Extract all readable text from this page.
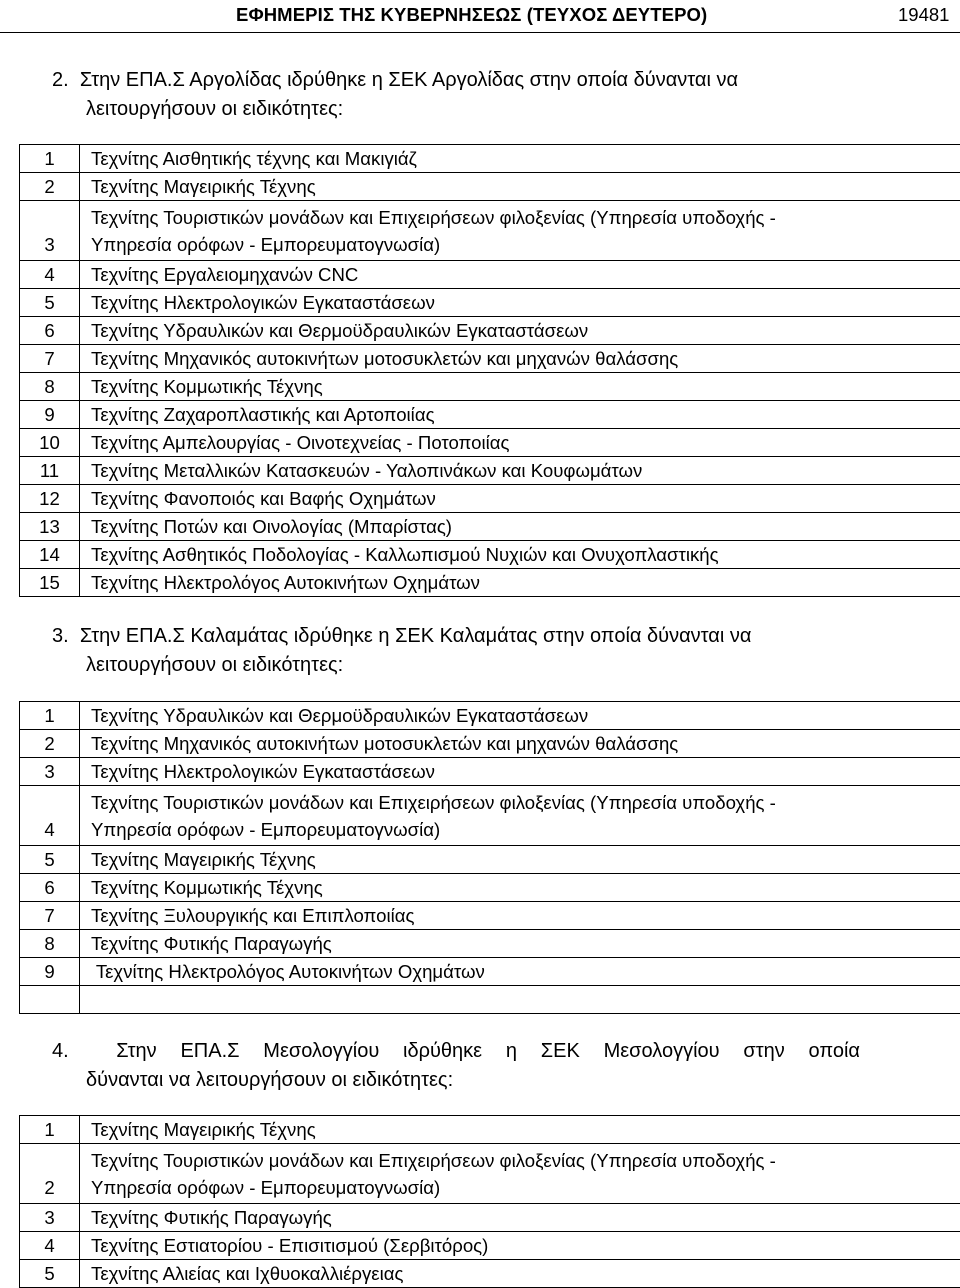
ΕΦΗΜΕΡΙΣ ΤΗΣ ΚΥΒΕΡΝΗΣΕΩΣ (ΤΕΥΧΟΣ ΔΕΥΤΕΡΟ)	19481
2. Στην ΕΠΑ.Σ Αργολίδας ιδρύθηκε η ΣΕΚ Αργολίδας στην οποία δύνανται να
λειτουργήσουν οι ειδικότητες:
1	Τεχνίτης Αισθητικής τέχνης και Μακιγιάζ
2	Τεχνίτης Μαγειρικής Τέχνης
3	Τεχνίτης Τουριστικών μονάδων και Επιχειρήσεων φιλοξενίας (Υπηρεσία υποδοχής -
Υπηρεσία ορόφων - Εμπορευματογνωσία)

4	Τεχνίτης Εργαλειομηχανών CNC
5	Τεχνίτης Ηλεκτρολογικών Εγκαταστάσεων
6	Τεχνίτης Υδραυλικών και Θερμοϋδραυλικών Εγκαταστάσεων
7	Τεχνίτης Μηχανικός αυτοκινήτων μοτοσυκλετών και μηχανών θαλάσσης
8	Τεχνίτης Κομμωτικής Τέχνης
9	Τεχνίτης Ζαχαροπλαστικής και Αρτοποιίας
10	Τεχνίτης Αμπελουργίας - Οινοτεχνείας - Ποτοποιίας
11	Τεχνίτης Μεταλλικών Κατασκευών - Υαλοπινάκων και Κουφωμάτων
12	Τεχνίτης Φανοποιός και Βαφής Οχημάτων
13	Τεχνίτης Ποτών και Οινολογίας (Μπαρίστας)
14	Τεχνίτης Ασθητικός Ποδολογίας - Καλλωπισμού Νυχιών και Ονυχοπλαστικής
15	Τεχνίτης Ηλεκτρολόγος Αυτοκινήτων Οχημάτων
3. Στην ΕΠΑ.Σ Καλαμάτας ιδρύθηκε η ΣΕΚ Καλαμάτας στην οποία δύνανται να
λειτουργήσουν οι ειδικότητες:
1	Τεχνίτης Υδραυλικών και Θερμοϋδραυλικών Εγκαταστάσεων
2	Τεχνίτης Μηχανικός αυτοκινήτων μοτοσυκλετών και μηχανών θαλάσσης
3	Τεχνίτης Ηλεκτρολογικών Εγκαταστάσεων
4	Τεχνίτης Τουριστικών μονάδων και Επιχειρήσεων φιλοξενίας (Υπηρεσία υποδοχής -
Υπηρεσία ορόφων - Εμπορευματογνωσία)

5	Τεχνίτης Μαγειρικής Τέχνης
6	Τεχνίτης Κομμωτικής Τέχνης
7	Τεχνίτης Ξυλουργικής και Επιπλοποιίας
8	Τεχνίτης Φυτικής Παραγωγής
9	Τεχνίτης Ηλεκτρολόγος Αυτοκινήτων Οχημάτων

4. Στην ΕΠΑ.Σ Μεσολογγίου ιδρύθηκε η ΣΕΚ Μεσολογγίου στην οποία
δύνανται να λειτουργήσουν οι ειδικότητες:
1	Τεχνίτης Μαγειρικής Τέχνης
2	Τεχνίτης Τουριστικών μονάδων και Επιχειρήσεων φιλοξενίας (Υπηρεσία υποδοχής -
Υπηρεσία ορόφων - Εμπορευματογνωσία)

3	Τεχνίτης Φυτικής Παραγωγής
4	Τεχνίτης Εστιατορίου - Επισιτισμού (Σερβιτόρος)
5	Τεχνίτης Αλιείας και Ιχθυοκαλλιέργειας
